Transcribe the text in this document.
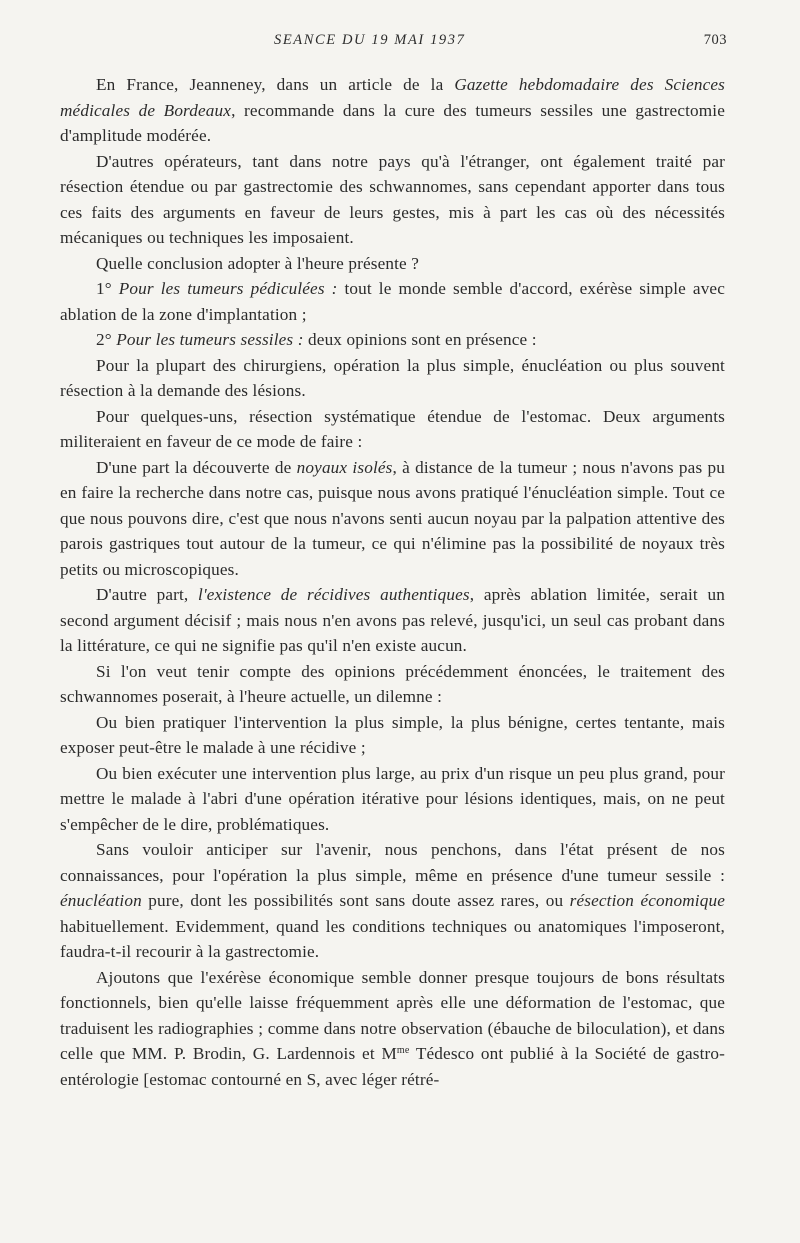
SEANCE DU 19 MAI 1937	703

En France, Jeanneney, dans un article de la Gazette hebdomadaire des Sciences médicales de Bordeaux, recommande dans la cure des tumeurs sessiles une gastrectomie d'amplitude modérée.

D'autres opérateurs, tant dans notre pays qu'à l'étranger, ont également traité par résection étendue ou par gastrectomie des schwannomes, sans cependant apporter dans tous ces faits des arguments en faveur de leurs gestes, mis à part les cas où des nécessités mécaniques ou techniques les imposaient.

Quelle conclusion adopter à l'heure présente ?

1° Pour les tumeurs pédiculées : tout le monde semble d'accord, exérèse simple avec ablation de la zone d'implantation ;

2° Pour les tumeurs sessiles : deux opinions sont en présence :

Pour la plupart des chirurgiens, opération la plus simple, énucléation ou plus souvent résection à la demande des lésions.

Pour quelques-uns, résection systématique étendue de l'estomac. Deux arguments militeraient en faveur de ce mode de faire :

D'une part la découverte de noyaux isolés, à distance de la tumeur ; nous n'avons pas pu en faire la recherche dans notre cas, puisque nous avons pratiqué l'énucléation simple. Tout ce que nous pouvons dire, c'est que nous n'avons senti aucun noyau par la palpation attentive des parois gastriques tout autour de la tumeur, ce qui n'élimine pas la possibilité de noyaux très petits ou microscopiques.

D'autre part, l'existence de récidives authentiques, après ablation limitée, serait un second argument décisif ; mais nous n'en avons pas relevé, jusqu'ici, un seul cas probant dans la littérature, ce qui ne signifie pas qu'il n'en existe aucun.

Si l'on veut tenir compte des opinions précédemment énoncées, le traitement des schwannomes poserait, à l'heure actuelle, un dilemne :

Ou bien pratiquer l'intervention la plus simple, la plus bénigne, certes tentante, mais exposer peut-être le malade à une récidive ;

Ou bien exécuter une intervention plus large, au prix d'un risque un peu plus grand, pour mettre le malade à l'abri d'une opération itérative pour lésions identiques, mais, on ne peut s'empêcher de le dire, problématiques.

Sans vouloir anticiper sur l'avenir, nous penchons, dans l'état présent de nos connaissances, pour l'opération la plus simple, même en présence d'une tumeur sessile : énucléation pure, dont les possibilités sont sans doute assez rares, ou résection économique habituellement. Evidemment, quand les conditions techniques ou anatomiques l'imposeront, faudra-t-il recourir à la gastrectomie.

Ajoutons que l'exérèse économique semble donner presque toujours de bons résultats fonctionnels, bien qu'elle laisse fréquemment après elle une déformation de l'estomac, que traduisent les radiographies ; comme dans notre observation (ébauche de biloculation), et dans celle que MM. P. Brodin, G. Lardennois et $M^{me}$ Tédesco ont publié à la Société de gastro-entérologie [estomac contourné en S, avec léger rétré-
